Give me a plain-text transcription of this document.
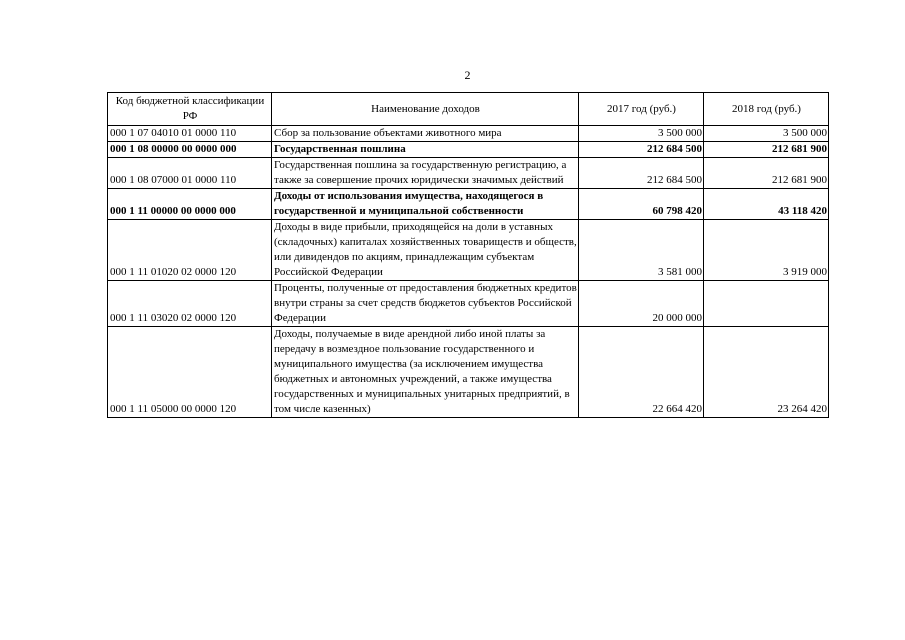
2
Код бюджетной классификации РФ	Наименование доходов	2017 год (руб.)	2018 год (руб.)
000 1 07 04010 01 0000 110	Сбор за пользование объектами животного мира	3 500 000	3 500 000
000 1 08 00000 00 0000 000	Государственная пошлина	212 684 500	212 681 900
000 1 08 07000 01 0000 110	Государственная пошлина за государственную регистрацию, а также за совершение прочих юридически значимых действий	212 684 500	212 681 900
000 1 11 00000 00 0000 000	Доходы от использования имущества, находящегося в государственной и муниципальной собственности	60 798 420	43 118 420
000 1 11 01020 02 0000 120	Доходы в виде прибыли, приходящейся на доли в уставных (складочных) капиталах хозяйственных товариществ и обществ, или дивидендов по акциям, принадлежащим субъектам Российской Федерации	3 581 000	3 919 000
000 1 11 03020 02 0000 120	Проценты, полученные от предоставления бюджетных кредитов внутри страны за счет средств бюджетов субъектов Российской Федерации	20 000 000	
000 1 11 05000 00 0000 120	Доходы, получаемые в виде арендной либо иной платы за передачу в возмездное пользование государственного и муниципального имущества (за исключением имущества бюджетных и автономных учреждений, а также имущества государственных и муниципальных унитарных предприятий, в том числе казенных)	22 664 420	23 264 420
